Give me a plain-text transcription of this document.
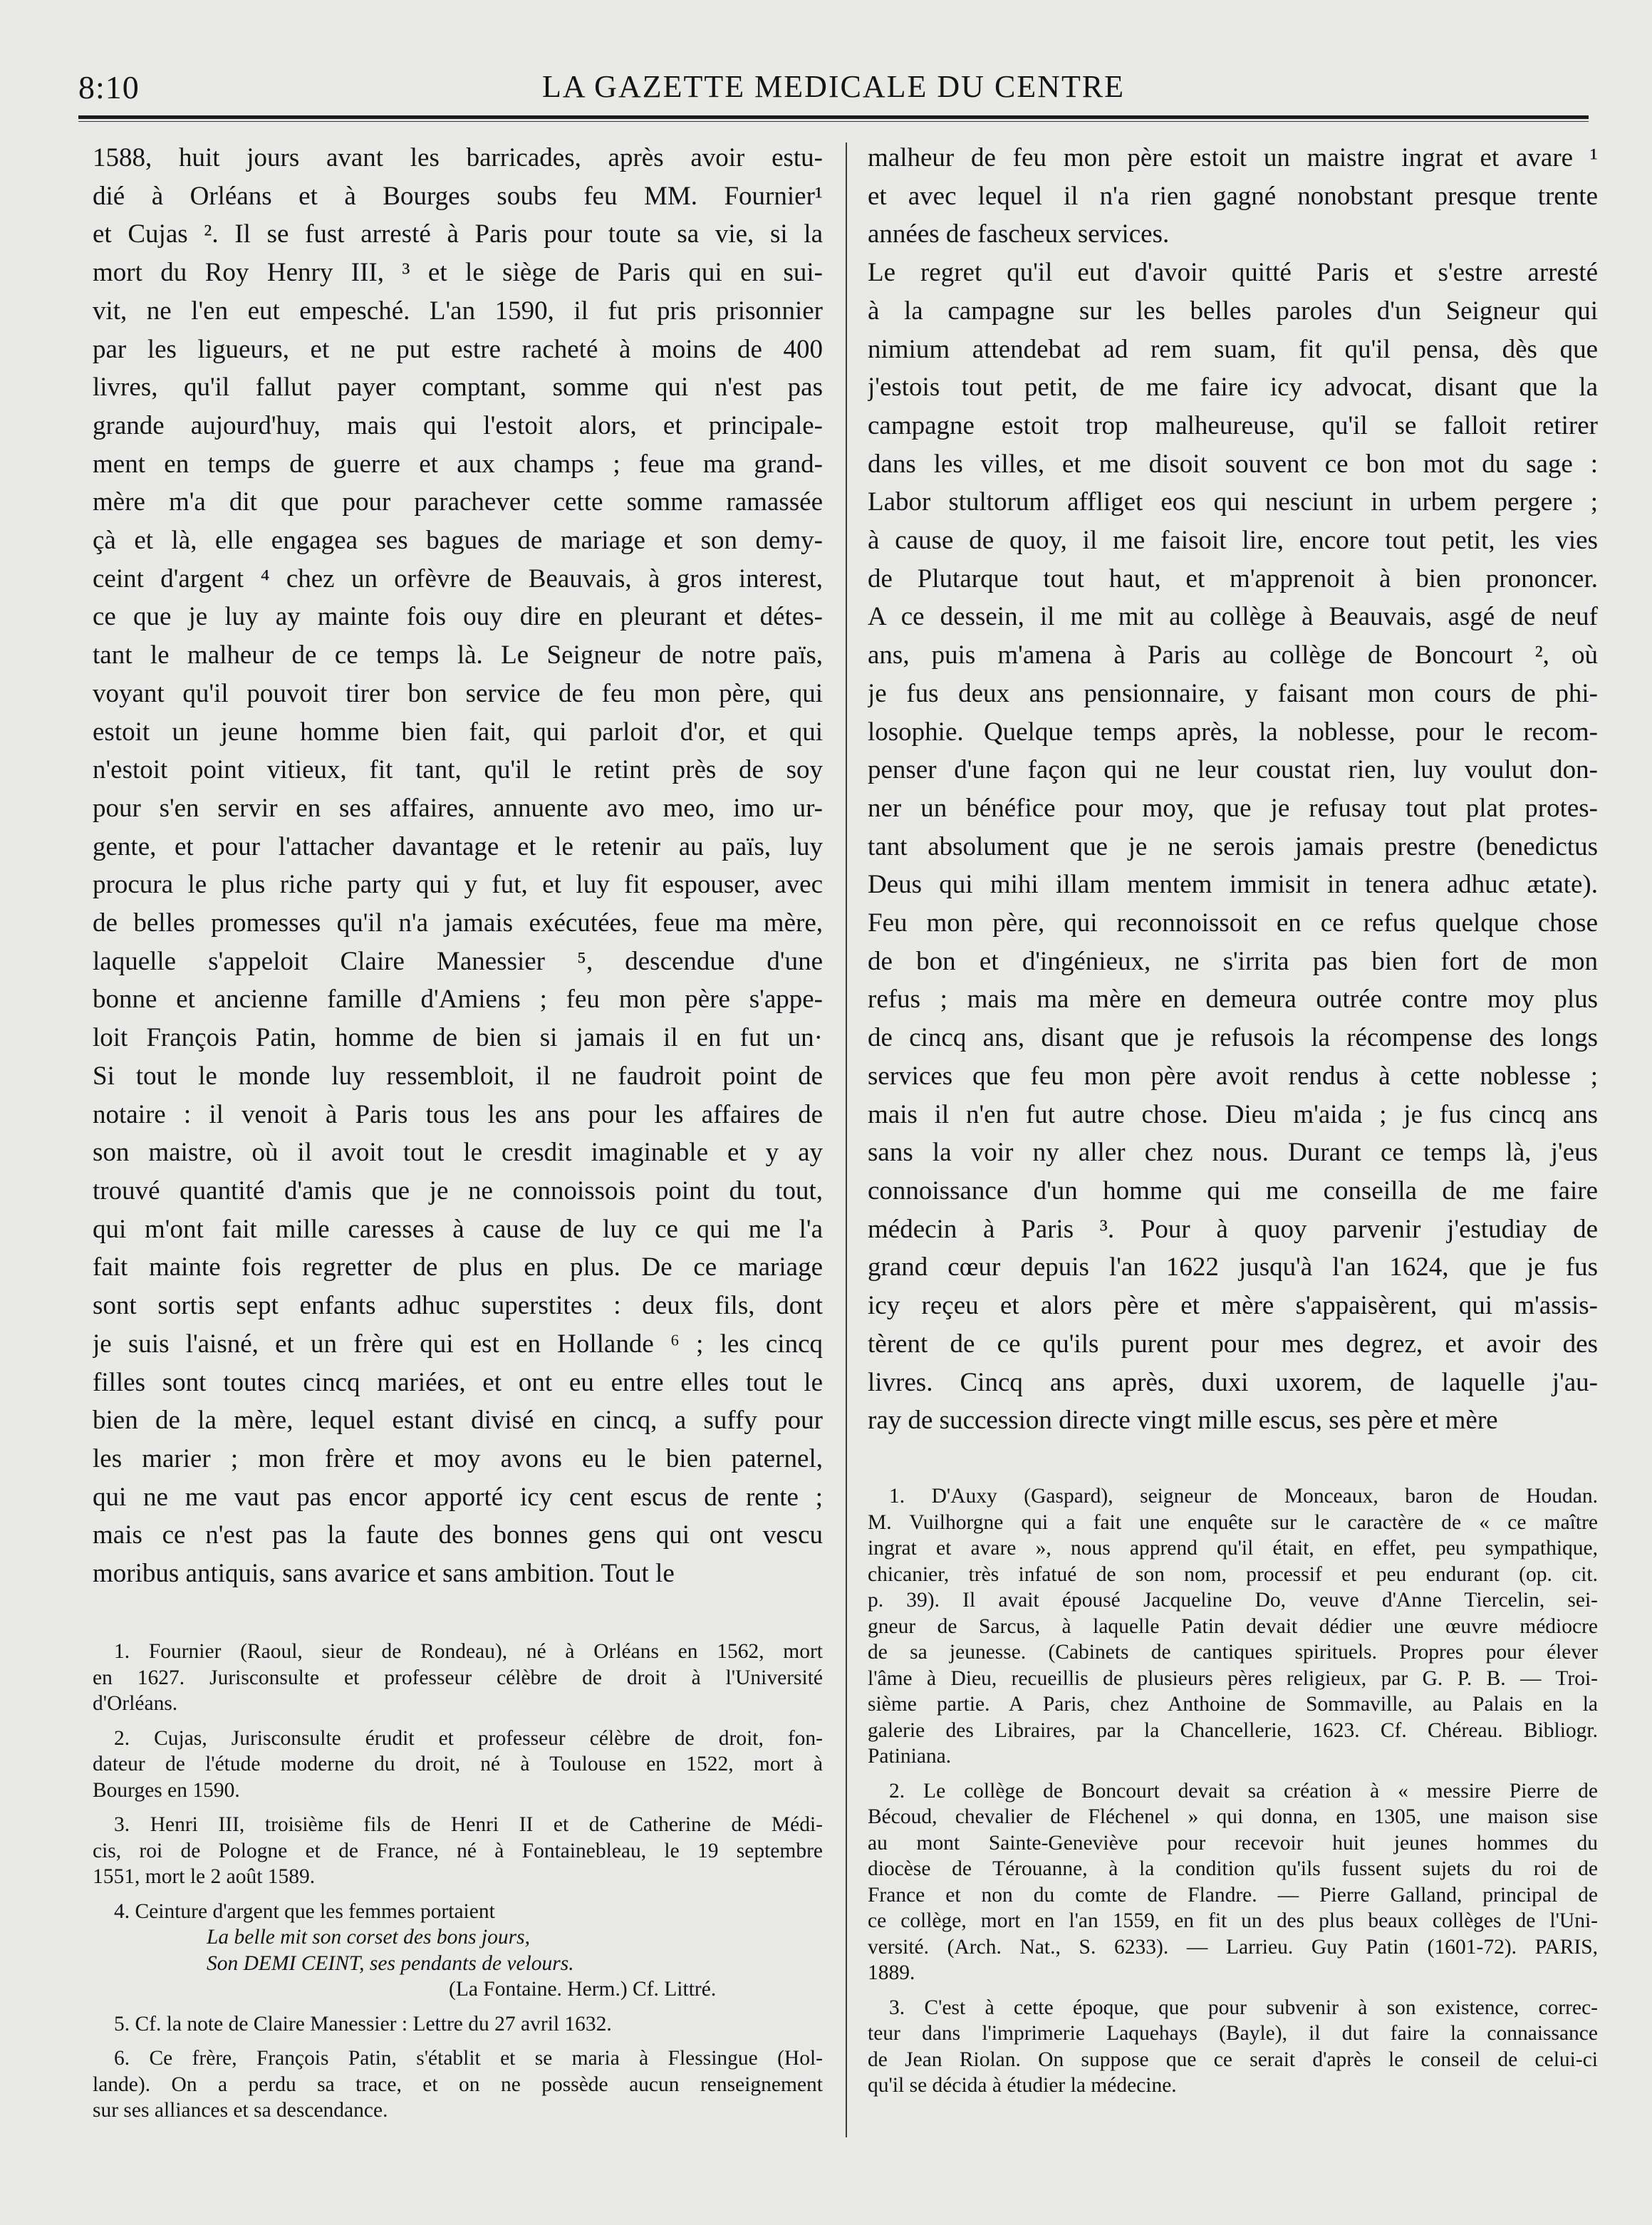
8:10	LA GAZETTE MEDICALE DU CENTRE
1588, huit jours avant les barricades, après avoir estu-
dié à Orléans et à Bourges soubs feu MM. Fournier¹
et Cujas ². Il se fust arresté à Paris pour toute sa vie, si la
mort du Roy Henry III, ³ et le siège de Paris qui en sui-
vit, ne l'en eut empesché. L'an 1590, il fut pris prisonnier
par les ligueurs, et ne put estre racheté à moins de 400
livres, qu'il fallut payer comptant, somme qui n'est pas
grande aujourd'huy, mais qui l'estoit alors, et principale-
ment en temps de guerre et aux champs ; feue ma grand-
mère m'a dit que pour parachever cette somme ramassée
çà et là, elle engagea ses bagues de mariage et son demy-
ceint d'argent ⁴ chez un orfèvre de Beauvais, à gros interest,
ce que je luy ay mainte fois ouy dire en pleurant et détes-
tant le malheur de ce temps là. Le Seigneur de notre païs,
voyant qu'il pouvoit tirer bon service de feu mon père, qui
estoit un jeune homme bien fait, qui parloit d'or, et qui
n'estoit point vitieux, fit tant, qu'il le retint près de soy
pour s'en servir en ses affaires, annuente avo meo, imo ur-
gente, et pour l'attacher davantage et le retenir au païs, luy
procura le plus riche party qui y fut, et luy fit espouser, avec
de belles promesses qu'il n'a jamais exécutées, feue ma mère,
laquelle s'appeloit Claire Manessier ⁵, descendue d'une
bonne et ancienne famille d'Amiens ; feu mon père s'appe-
loit François Patin, homme de bien si jamais il en fut un·
Si tout le monde luy ressembloit, il ne faudroit point de
notaire : il venoit à Paris tous les ans pour les affaires de
son maistre, où il avoit tout le cresdit imaginable et y ay
trouvé quantité d'amis que je ne connoissois point du tout,
qui m'ont fait mille caresses à cause de luy ce qui me l'a
fait mainte fois regretter de plus en plus. De ce mariage
sont sortis sept enfants adhuc superstites : deux fils, dont
je suis l'aisné, et un frère qui est en Hollande ⁶ ; les cincq
filles sont toutes cincq mariées, et ont eu entre elles tout le
bien de la mère, lequel estant divisé en cincq, a suffy pour
les marier ; mon frère et moy avons eu le bien paternel,
qui ne me vaut pas encor apporté icy cent escus de rente ;
mais ce n'est pas la faute des bonnes gens qui ont vescu
moribus antiquis, sans avarice et sans ambition. Tout le
malheur de feu mon père estoit un maistre ingrat et avare ¹
et avec lequel il n'a rien gagné nonobstant presque trente
années de fascheux services.
Le regret qu'il eut d'avoir quitté Paris et s'estre arresté
à la campagne sur les belles paroles d'un Seigneur qui
nimium attendebat ad rem suam, fit qu'il pensa, dès que
j'estois tout petit, de me faire icy advocat, disant que la
campagne estoit trop malheureuse, qu'il se falloit retirer
dans les villes, et me disoit souvent ce bon mot du sage :
Labor stultorum affliget eos qui nesciunt in urbem pergere ;
à cause de quoy, il me faisoit lire, encore tout petit, les vies
de Plutarque tout haut, et m'apprenoit à bien prononcer.
A ce dessein, il me mit au collège à Beauvais, asgé de neuf
ans, puis m'amena à Paris au collège de Boncourt ², où
je fus deux ans pensionnaire, y faisant mon cours de phi-
losophie. Quelque temps après, la noblesse, pour le recom-
penser d'une façon qui ne leur coustat rien, luy voulut don-
ner un bénéfice pour moy, que je refusay tout plat protes-
tant absolument que je ne serois jamais prestre (benedictus
Deus qui mihi illam mentem immisit in tenera adhuc ætate).
Feu mon père, qui reconnoissoit en ce refus quelque chose
de bon et d'ingénieux, ne s'irrita pas bien fort de mon
refus ; mais ma mère en demeura outrée contre moy plus
de cincq ans, disant que je refusois la récompense des longs
services que feu mon père avoit rendus à cette noblesse ;
mais il n'en fut autre chose. Dieu m'aida ; je fus cincq ans
sans la voir ny aller chez nous. Durant ce temps là, j'eus
connoissance d'un homme qui me conseilla de me faire
médecin à Paris ³. Pour à quoy parvenir j'estudiay de
grand cœur depuis l'an 1622 jusqu'à l'an 1624, que je fus
icy reçeu et alors père et mère s'appaisèrent, qui m'assis-
tèrent de ce qu'ils purent pour mes degrez, et avoir des
livres. Cincq ans après, duxi uxorem, de laquelle j'au-
ray de succession directe vingt mille escus, ses père et mère
1. Fournier (Raoul, sieur de Rondeau), né à Orléans en 1562, mort
en 1627. Jurisconsulte et professeur célèbre de droit à l'Université
d'Orléans.
2. Cujas, Jurisconsulte érudit et professeur célèbre de droit, fon-
dateur de l'étude moderne du droit, né à Toulouse en 1522, mort à
Bourges en 1590.
3. Henri III, troisième fils de Henri II et de Catherine de Médi-
cis, roi de Pologne et de France, né à Fontainebleau, le 19 septembre
1551, mort le 2 août 1589.
4. Ceinture d'argent que les femmes portaient
La belle mit son corset des bons jours,
Son DEMI CEINT, ses pendants de velours.
(La Fontaine. Herm.) Cf. Littré.
5. Cf. la note de Claire Manessier : Lettre du 27 avril 1632.
6. Ce frère, François Patin, s'établit et se maria à Flessingue (Hol-
lande). On a perdu sa trace, et on ne possède aucun renseignement
sur ses alliances et sa descendance.
1. D'Auxy (Gaspard), seigneur de Monceaux, baron de Houdan.
M. Vuilhorgne qui a fait une enquête sur le caractère de « ce maître
ingrat et avare », nous apprend qu'il était, en effet, peu sympathique,
chicanier, très infatué de son nom, processif et peu endurant (op. cit.
p. 39). Il avait épousé Jacqueline Do, veuve d'Anne Tiercelin, sei-
gneur de Sarcus, à laquelle Patin devait dédier une œuvre médiocre
de sa jeunesse. (Cabinets de cantiques spirituels. Propres pour élever
l'âme à Dieu, recueillis de plusieurs pères religieux, par G. P. B. — Troi-
sième partie. A Paris, chez Anthoine de Sommaville, au Palais en la
galerie des Libraires, par la Chancellerie, 1623. Cf. Chéreau. Bibliogr.
Patiniana.
2. Le collège de Boncourt devait sa création à « messire Pierre de
Bécoud, chevalier de Fléchenel » qui donna, en 1305, une maison sise
au mont Sainte-Geneviève pour recevoir huit jeunes hommes du
diocèse de Térouanne, à la condition qu'ils fussent sujets du roi de
France et non du comte de Flandre. — Pierre Galland, principal de
ce collège, mort en l'an 1559, en fit un des plus beaux collèges de l'Uni-
versité. (Arch. Nat., S. 6233). — Larrieu. Guy Patin (1601-72). PARIS,
1889.
3. C'est à cette époque, que pour subvenir à son existence, correc-
teur dans l'imprimerie Laquehays (Bayle), il dut faire la connaissance
de Jean Riolan. On suppose que ce serait d'après le conseil de celui-ci
qu'il se décida à étudier la médecine.
